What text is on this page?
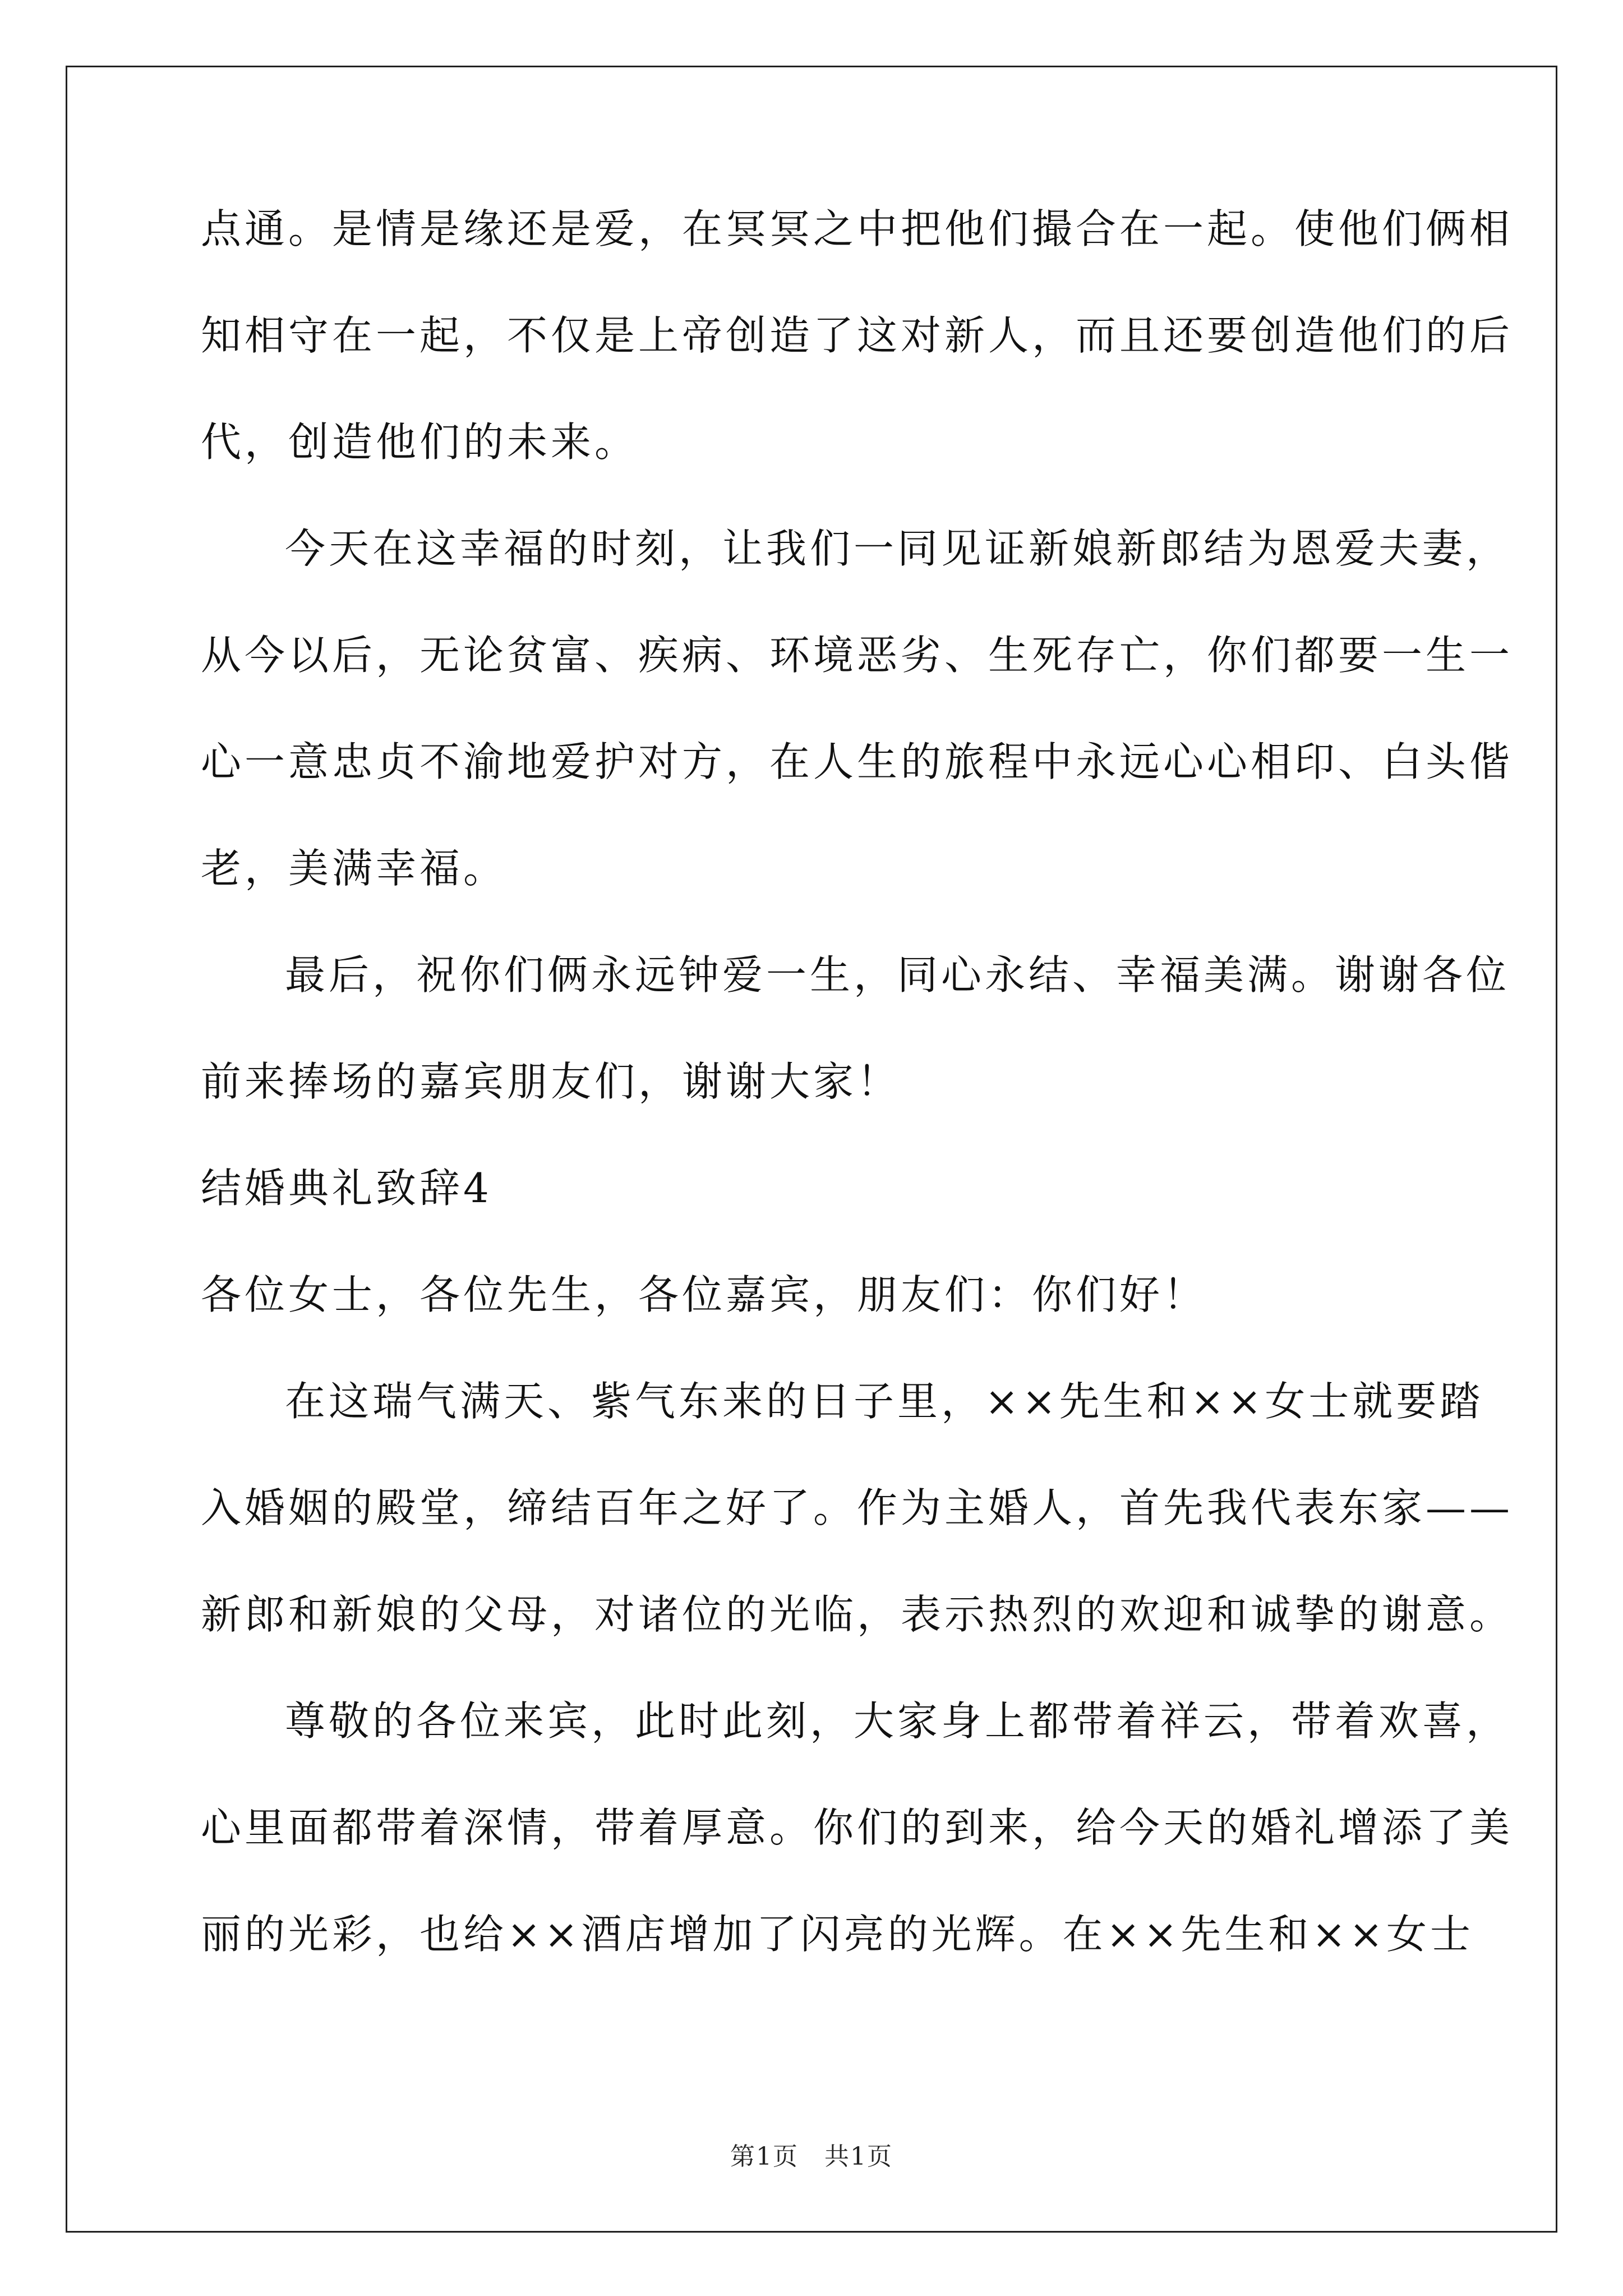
点通。是情是缘还是爱，在冥冥之中把他们撮合在一起。使他们俩相
知相守在一起，不仅是上帝创造了这对新人，而且还要创造他们的后
代，创造他们的未来。
今天在这幸福的时刻，让我们一同见证新娘新郎结为恩爱夫妻，
从今以后，无论贫富、疾病、环境恶劣、生死存亡，你们都要一生一
心一意忠贞不渝地爱护对方，在人生的旅程中永远心心相印、白头偕
老，美满幸福。
最后，祝你们俩永远钟爱一生，同心永结、幸福美满。谢谢各位
前来捧场的嘉宾朋友们，谢谢大家！
结婚典礼致辞4
各位女士，各位先生，各位嘉宾，朋友们：你们好！
在这瑞气满天、紫气东来的日子里，××先生和××女士就要踏
入婚姻的殿堂，缔结百年之好了。作为主婚人，首先我代表东家——
新郎和新娘的父母，对诸位的光临，表示热烈的欢迎和诚挚的谢意。
尊敬的各位来宾，此时此刻，大家身上都带着祥云，带着欢喜，
心里面都带着深情，带着厚意。你们的到来，给今天的婚礼增添了美
丽的光彩，也给××酒店增加了闪亮的光辉。在××先生和××女士
第1页　共1页
